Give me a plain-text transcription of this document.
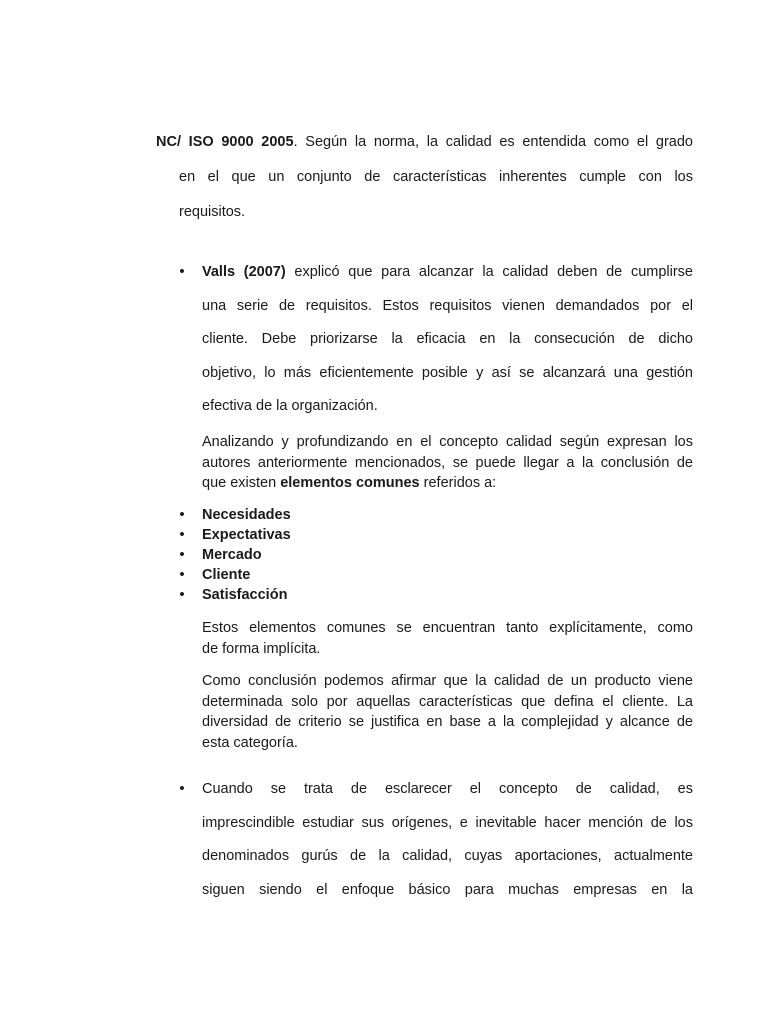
NC/ ISO 9000 2005. Según la norma, la calidad es entendida como el grado
en el que un conjunto de características inherentes cumple con los
requisitos.
• Valls (2007) explicó que para alcanzar la calidad deben de cumplirse
una serie de requisitos. Estos requisitos vienen demandados por el
cliente. Debe priorizarse la eficacia en la consecución de dicho
objetivo, lo más eficientemente posible y así se alcanzará una gestión
efectiva de la organización.
Analizando y profundizando en el concepto calidad según expresan los
autores anteriormente mencionados, se puede llegar a la conclusión de
que existen elementos comunes referidos a:
• Necesidades
• Expectativas
• Mercado
• Cliente
• Satisfacción
Estos elementos comunes se encuentran tanto explícitamente, como
de forma implícita.
Como conclusión podemos afirmar que la calidad de un producto viene
determinada solo por aquellas características que defina el cliente. La
diversidad de criterio se justifica en base a la complejidad y alcance de
esta categoría.
• Cuando se trata de esclarecer el concepto de calidad, es
imprescindible estudiar sus orígenes, e inevitable hacer mención de los
denominados gurús de la calidad, cuyas aportaciones, actualmente
siguen siendo el enfoque básico para muchas empresas en la
